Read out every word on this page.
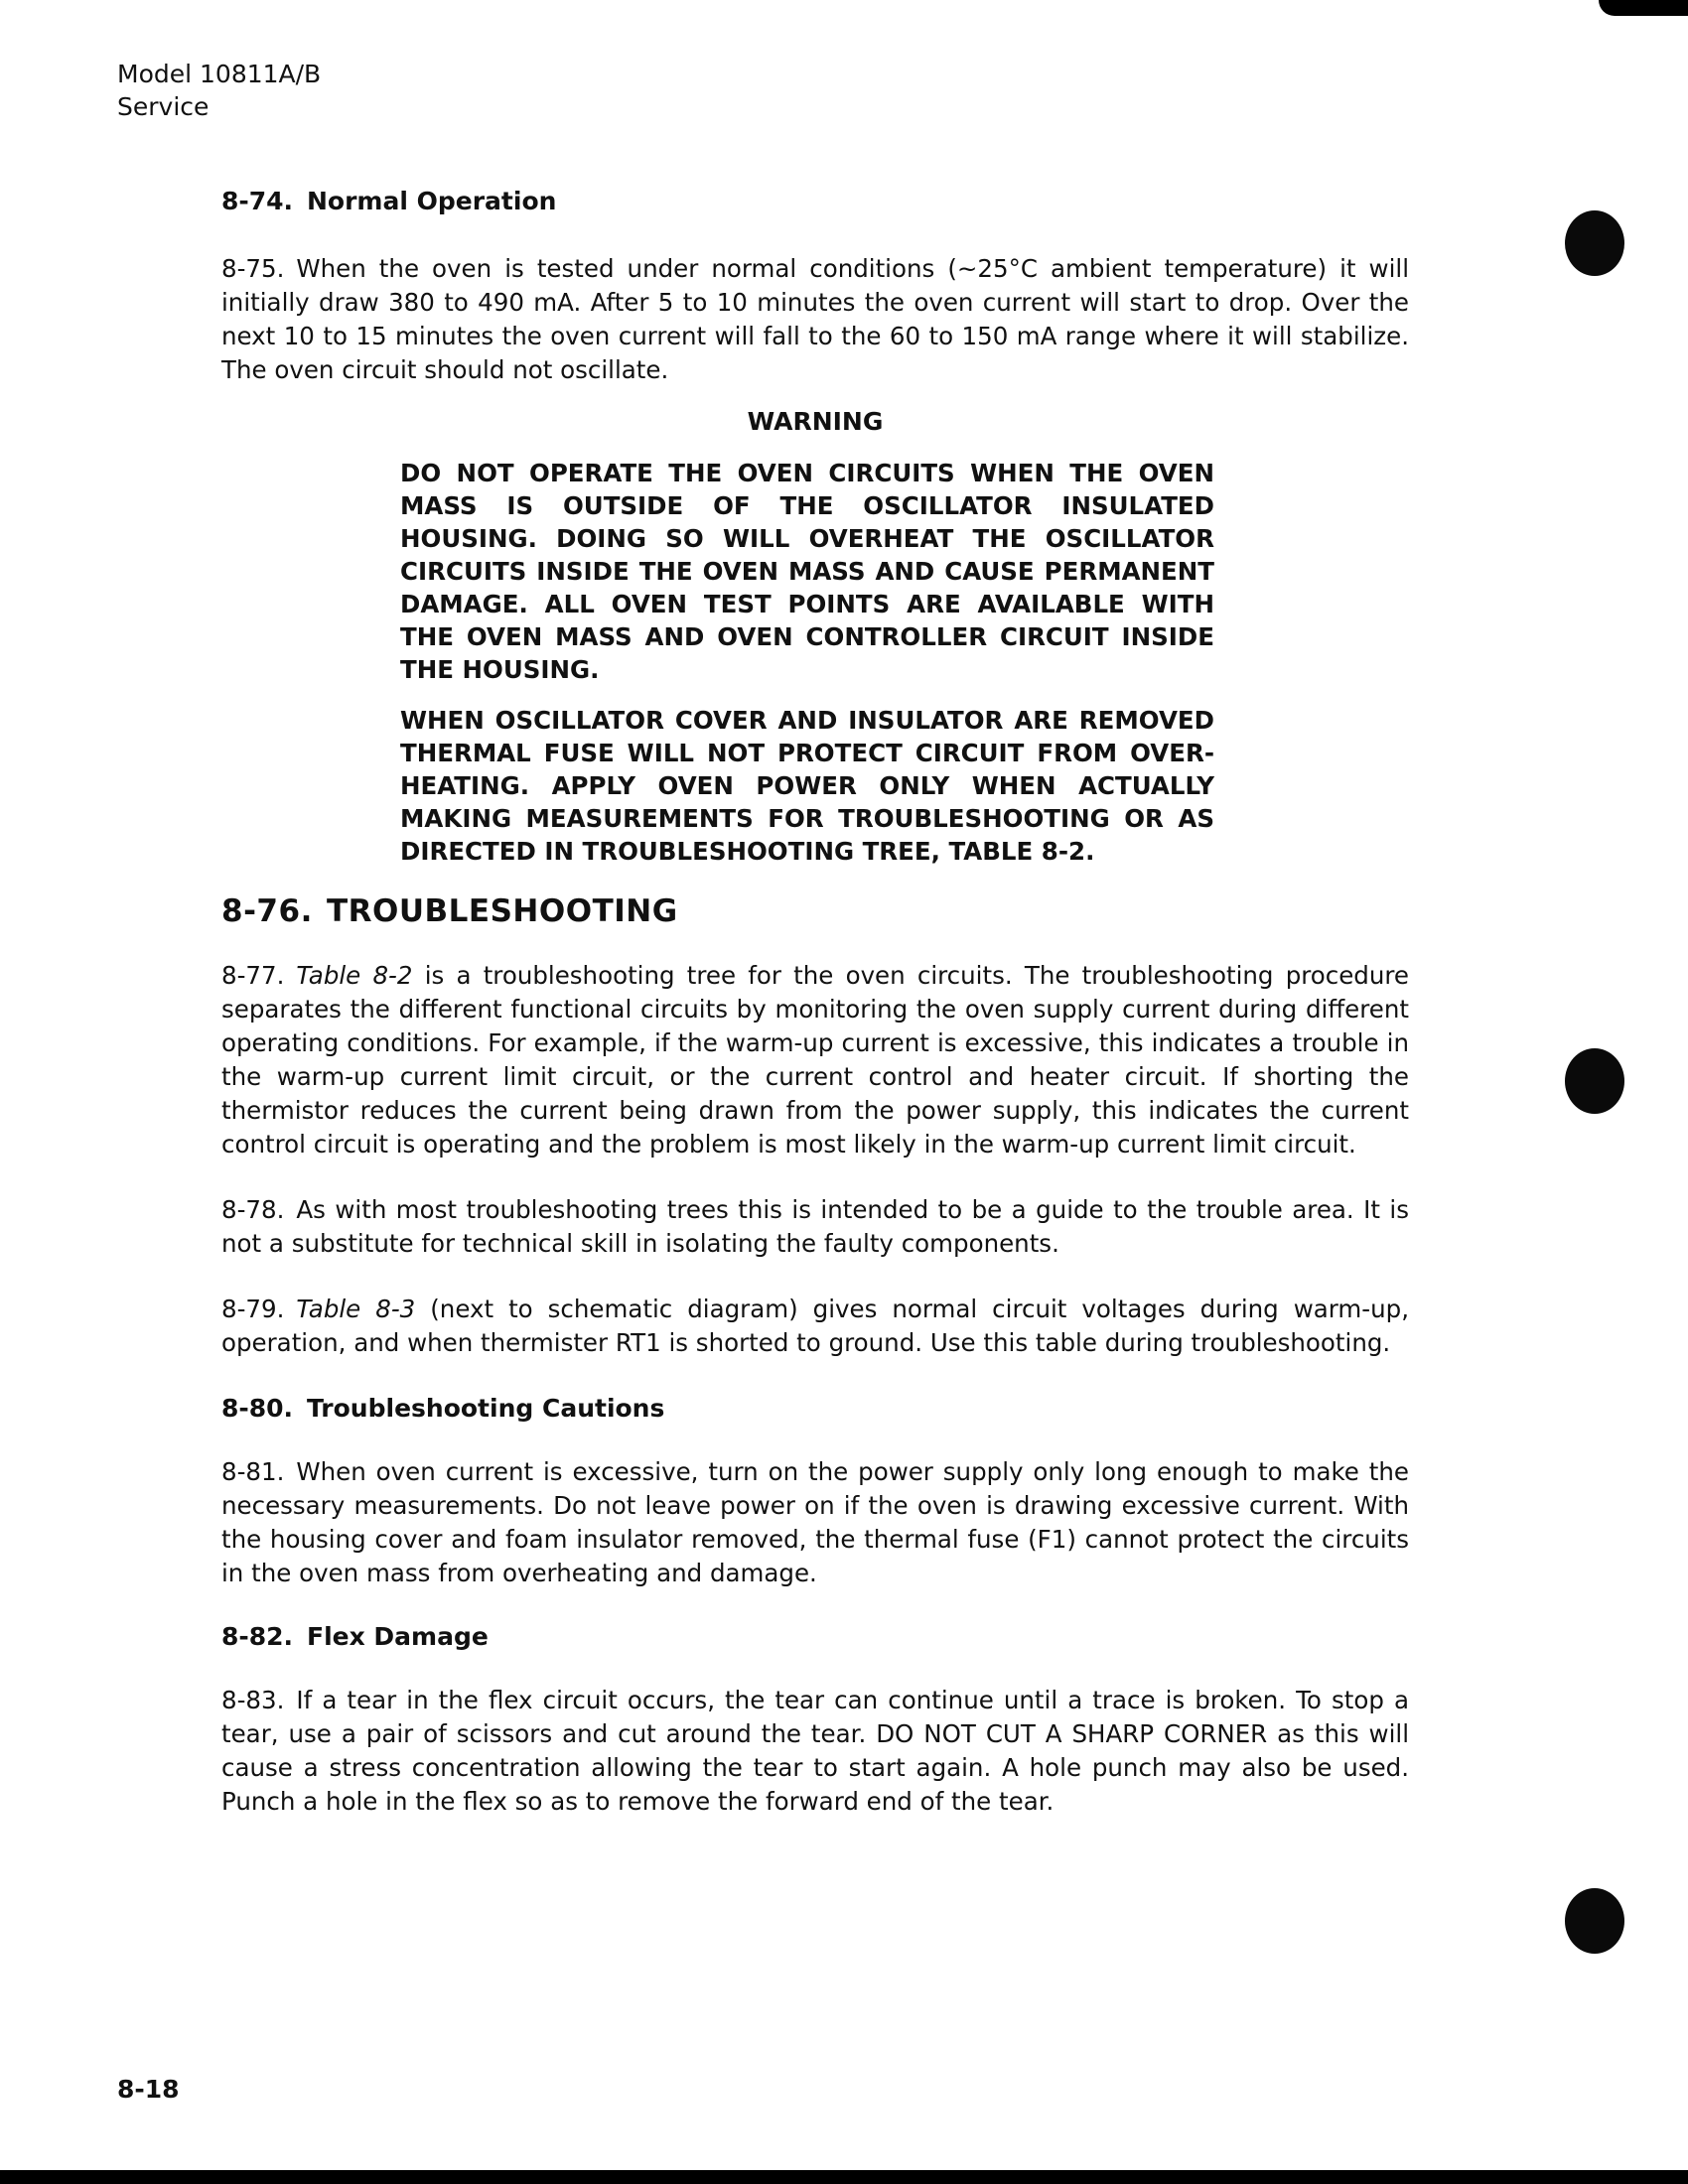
Model 10811A/B
Service
8-74. Normal Operation

8-75. When the oven is tested under normal conditions (~25°C ambient temperature) it will initially draw 380 to 490 mA. After 5 to 10 minutes the oven current will start to drop. Over the next 10 to 15 minutes the oven current will fall to the 60 to 150 mA range where it will stabilize. The oven circuit should not oscillate.

WARNING

DO NOT OPERATE THE OVEN CIRCUITS WHEN THE OVEN MASS IS OUTSIDE OF THE OSCILLATOR INSULATED HOUSING. DOING SO WILL OVERHEAT THE OSCILLATOR CIRCUITS INSIDE THE OVEN MASS AND CAUSE PERMANENT DAMAGE. ALL OVEN TEST POINTS ARE AVAILABLE WITH THE OVEN MASS AND OVEN CONTROLLER CIRCUIT INSIDE THE HOUSING.

WHEN OSCILLATOR COVER AND INSULATOR ARE REMOVED THERMAL FUSE WILL NOT PROTECT CIRCUIT FROM OVER-HEATING. APPLY OVEN POWER ONLY WHEN ACTUALLY MAKING MEASUREMENTS FOR TROUBLESHOOTING OR AS DIRECTED IN TROUBLESHOOTING TREE, TABLE 8-2.

8-76. TROUBLESHOOTING

8-77. Table 8-2 is a troubleshooting tree for the oven circuits. The troubleshooting procedure separates the different functional circuits by monitoring the oven supply current during different operating conditions. For example, if the warm-up current is excessive, this indicates a trouble in the warm-up current limit circuit, or the current control and heater circuit. If shorting the thermistor reduces the current being drawn from the power supply, this indicates the current control circuit is operating and the problem is most likely in the warm-up current limit circuit.

8-78. As with most troubleshooting trees this is intended to be a guide to the trouble area. It is not a substitute for technical skill in isolating the faulty components.

8-79. Table 8-3 (next to schematic diagram) gives normal circuit voltages during warm-up, operation, and when thermister RT1 is shorted to ground. Use this table during troubleshooting.

8-80. Troubleshooting Cautions

8-81. When oven current is excessive, turn on the power supply only long enough to make the necessary measurements. Do not leave power on if the oven is drawing excessive current. With the housing cover and foam insulator removed, the thermal fuse (F1) cannot protect the circuits in the oven mass from overheating and damage.

8-82. Flex Damage

8-83. If a tear in the flex circuit occurs, the tear can continue until a trace is broken. To stop a tear, use a pair of scissors and cut around the tear. DO NOT CUT A SHARP CORNER as this will cause a stress concentration allowing the tear to start again. A hole punch may also be used. Punch a hole in the flex so as to remove the forward end of the tear.

8-18
